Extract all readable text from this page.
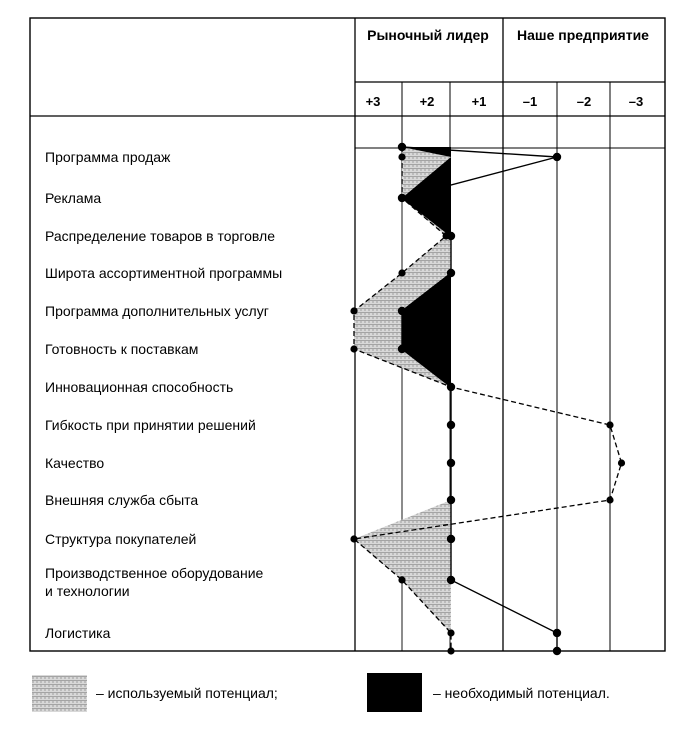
Рыночный лидер Наше предприятие
+3	+2	+1	–1	–2	–3
Программа продаж
Реклама
Распределение товаров в торговле
Широта ассортиментной программы
Программа дополнительных услуг
Готовность к поставкам
Инновационная способность
Гибкость при принятии решений
Качество
Внешняя служба сбыта
Структура покупателей
Производственное оборудование
и технологии
Логистика
– используемый потенциал;	– необходимый потенциал.
